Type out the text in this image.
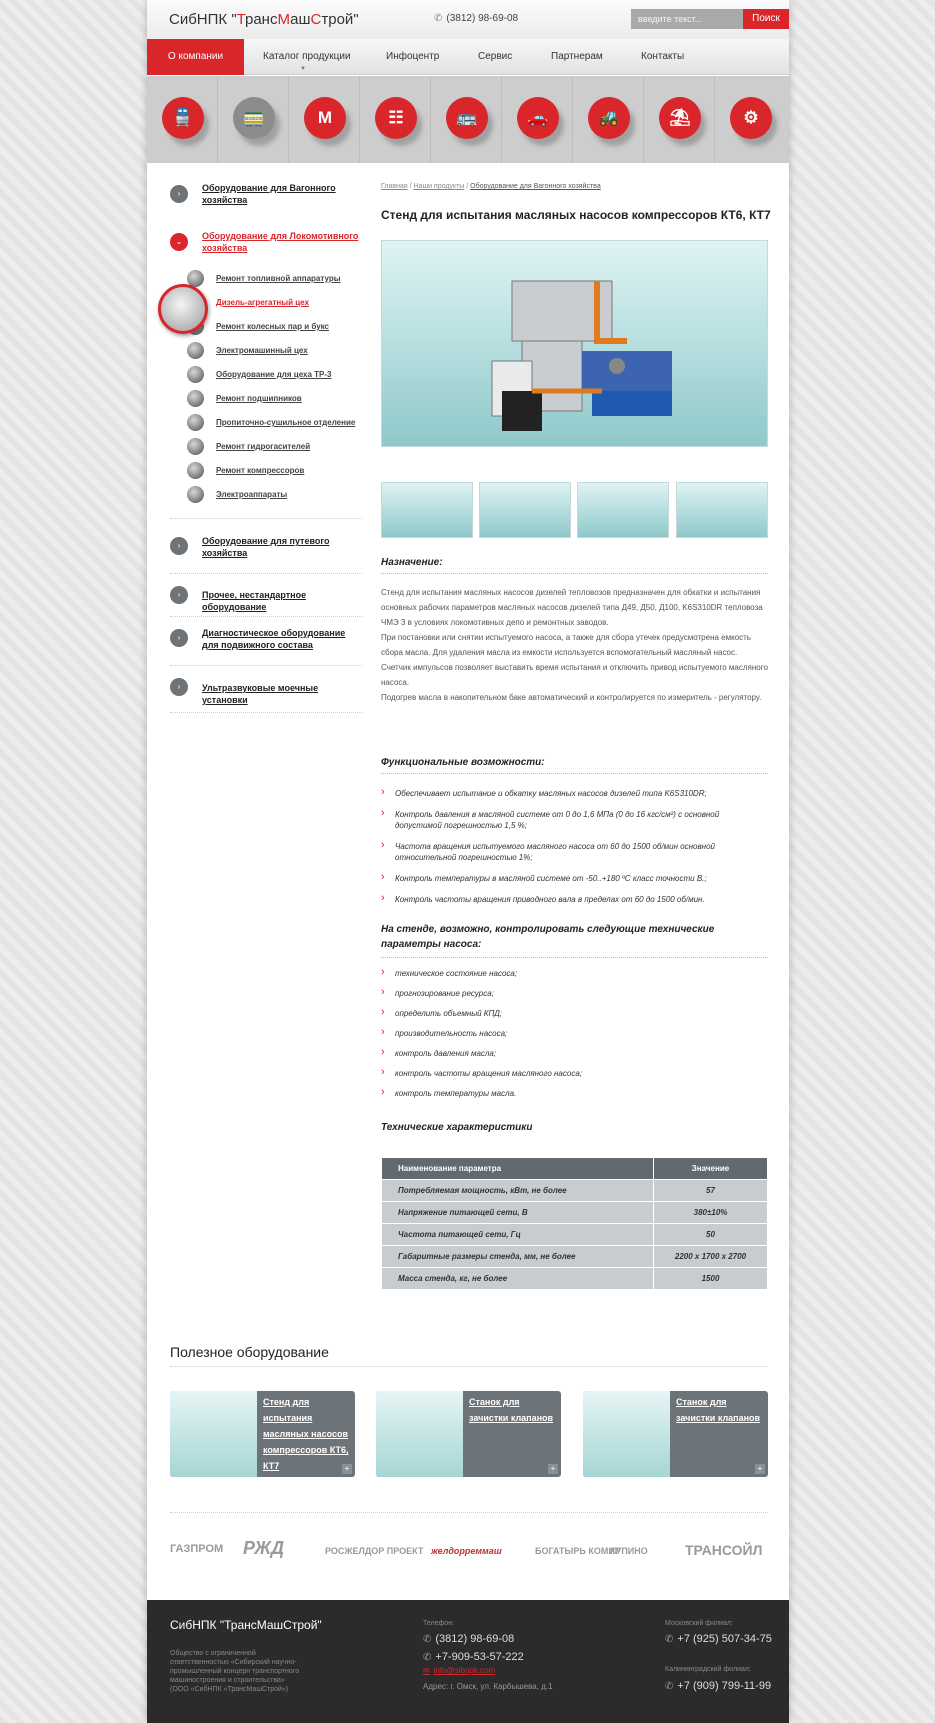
СибНПК "ТрансМашСтрой"	✆ (3812) 98-69-08
введите текст...	Поиск
О компании	Каталог продукции
▼
Инфоцентр	Сервис	Партнерам	Контакты
🚆	🚃	М	☷	🚌	🚗	🚜	⛱	⚙
›
Оборудование для Вагонного хозяйства
⌄
Оборудование для Локомотивного хозяйства
Ремонт топливной аппаратуры
Дизель-агрегатный цех
Ремонт колесных пар и букс
Электромашинный цех
Оборудование для цеха ТР-3
Ремонт подшипников
Пропиточно-сушильное отделение
Ремонт гидрогасителей
Ремонт компрессоров
Электроаппараты
›	Оборудование для путевого хозяйства
›	Прочее, нестандартное оборудование
›	Диагностическое оборудование для подвижного состава
›	Ультразвуковые моечные установки
Главная / Наши продукты / Оборудование для Вагонного хозяйства
Стенд для испытания масляных насосов компрессоров КТ6, КТ7
Назначение:
Стенд для испытания масляных насосов дизелей тепловозов предназначен для обкатки и испытания основных рабочих параметров масляных насосов дизелей типа Д49, Д50, Д100, K6S310DR тепловоза ЧМЭ 3 в условиях локомотивных депо и ремонтных заводов.
При постановки или снятии испытуемого насоса, а также для сбора утечек предусмотрена емкость сбора масла. Для удаления масла из емкости используется вспомогательный масляный насос.
Счетчик импульсов позволяет выставить время испытания и отключить привод испытуемого масляного насоса.
Подогрев масла в накопительном баке автоматический и контролируется по измеритель - регулятору.
Функциональные возможности:
› Обеспечивает испытание и обкатку масляных насосов дизелей типа K6S310DR;
› Контроль давления в масляной системе от 0 до 1,6 МПа (0 до 16 кгс/см²) с основной допустимой погрешностью 1,5 %;
› Частота вращения испытуемого масляного насоса от 60 до 1500 об/мин основной относительной погрешностью 1%;
› Контроль температуры в масляной системе от -50..+180 ºС класс точности В.;
› Контроль частоты вращения приводного вала в пределах от 60 до 1500 об/мин.
На стенде, возможно, контролировать следующие технические параметры насоса:
› техническое состояние насоса;
› прогнозирование ресурса;
› определить объемный КПД;
› производительность насоса;
› контроль давления масла;
› контроль частоты вращения масляного насоса;
› контроль температуры масла.
Технические характеристики
Наименование параметра	Значение
Потребляемая мощность, кВт, не более	57
Напряжение питающей сети, В	380±10%
Частота питающей сети, Гц	50
Габаритные размеры стенда, мм, не более	2200 х 1700 х 2700
Масса стенда, кг, не более	1500
Полезное оборудование
Стенд для испытания масляных насосов компрессоров КТ6, КТ7	+
Станок для зачистки клапанов
+
Станок для зачистки клапанов
+
ГАЗПРОМ РЖД	РОСЖЕЛДОР ПРОЕКТ желдорреммаш	БОГАТЫРЬ КОМИР
КУПИНО	ТРАНСОЙЛ
СибНПК "ТрансМашСтрой"
Общество с ограниченной ответственностью «Сибирский научно-промышленный концерн транспортного машиностроения и строительства» (ООО «СибНПК «ТрансМашСтрой»)
Телефон:
✆ (3812) 98-69-08
✆ +7-909-53-57-222
✉ info@sibnpk.com
Адрес: г. Омск, ул. Карбышева, д.1
Московский филиал:
✆ +7 (925) 507-34-75
Калининградский филиал:
✆ +7 (909) 799-11-99
